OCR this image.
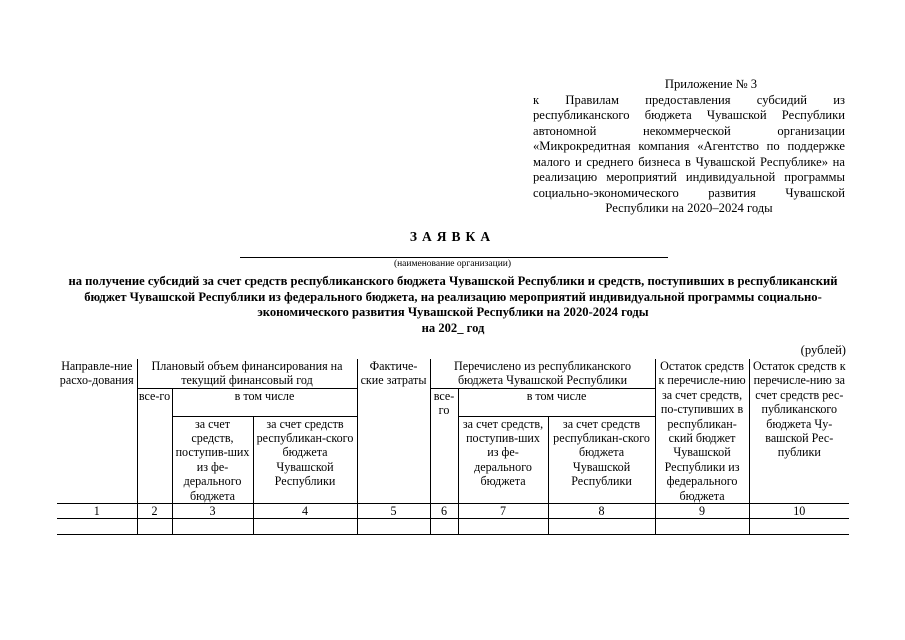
Приложение № 3
к Правилам предоставления субсидий из республиканского бюджета Чувашской Республики автономной некоммерческой организации «Микрокредитная компания «Агентство по поддержке малого и среднего бизнеса в Чувашской Республике» на реализацию мероприятий индивидуальной программы социально-экономического развития Чувашской Республики на 2020–2024 годы
ЗАЯВКА
(наименование организации)
на получение субсидий за счет средств республиканского бюджета Чувашской Республики и средств, поступивших в республиканский бюджет Чувашской Республики из федерального бюджета, на реализацию мероприятий индивидуальной программы социально-экономического развития Чувашской Республики на 2020-2024 годы
на 202_ год
(рублей)
Направле-ние расхо-дования	Плановый объем финансирования на текущий финансовый год			Фактиче-ские затраты	Перечислено из республиканского бюджета Чувашской Республики			Остаток средств к перечисле-нию за счет средств, по-ступивших в республикан-ский бюджет Чувашской Республики из федерального бюджета	Остаток средств к перечисле-нию за счет средств рес-публиканского бюджета Чу-вашской Рес-публики
	все-го	в том числе			все-го	в том числе			
		за счет средств, поступив-ших из фе-дерального бюджета	за счет средств республикан-ского бюджета Чувашской Республики			за счет средств, поступив-ших из фе-дерального бюджета	за счет средств республикан-ского бюджета Чувашской Республики		
1	2	3	4	5	6	7	8	9	10
